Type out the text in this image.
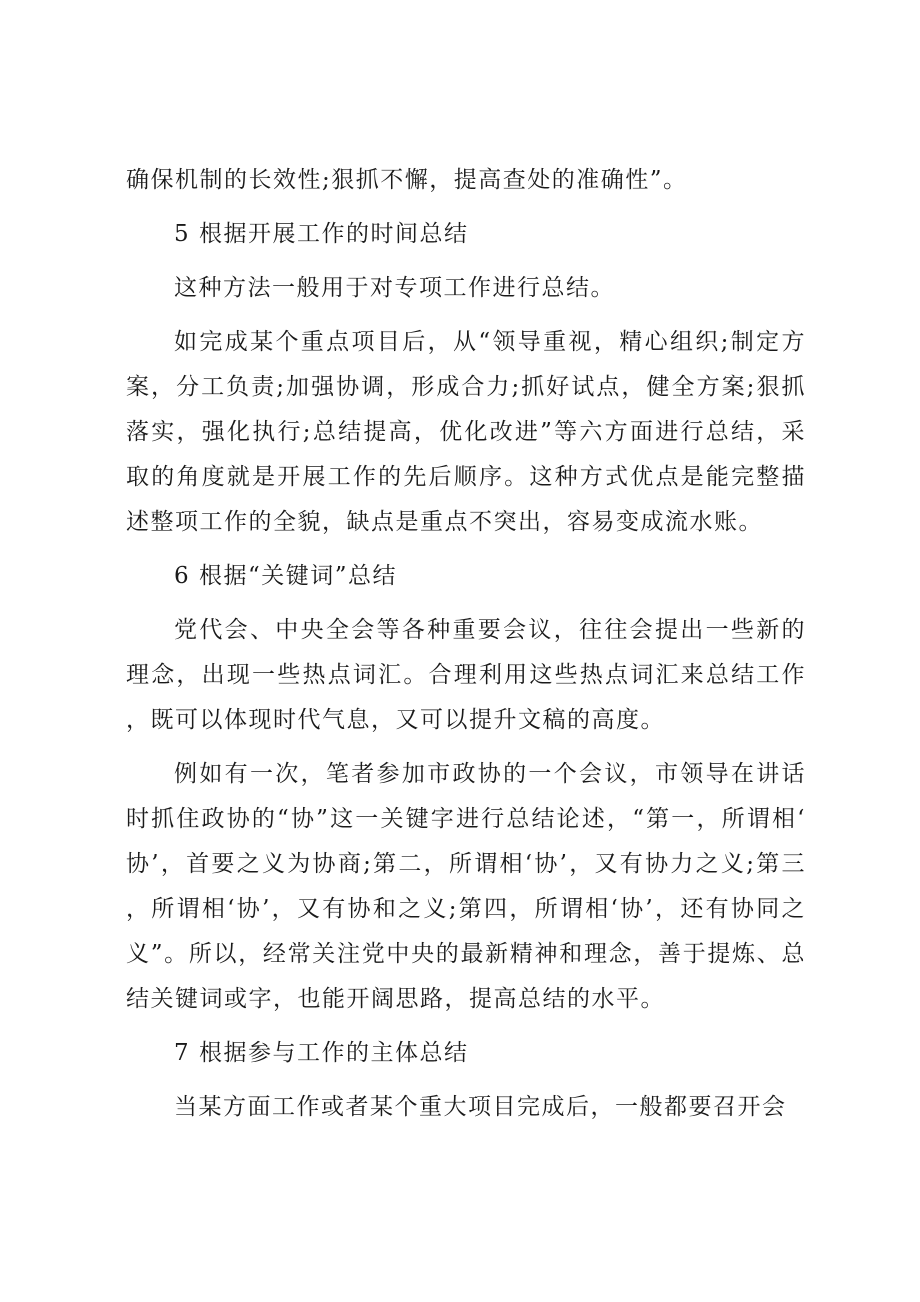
确保机制的长效性;狠抓不懈，提高查处的准确性”。

5 根据开展工作的时间总结

这种方法一般用于对专项工作进行总结。

如完成某个重点项目后，从“领导重视，精心组织;制定方案，分工负责;加强协调，形成合力;抓好试点，健全方案;狠抓落实，强化执行;总结提高，优化改进”等六方面进行总结，采取的角度就是开展工作的先后顺序。这种方式优点是能完整描述整项工作的全貌，缺点是重点不突出，容易变成流水账。

6 根据“关键词”总结

党代会、中央全会等各种重要会议，往往会提出一些新的理念，出现一些热点词汇。合理利用这些热点词汇来总结工作，既可以体现时代气息，又可以提升文稿的高度。

例如有一次，笔者参加市政协的一个会议，市领导在讲话时抓住政协的“协”这一关键字进行总结论述，“第一，所谓相‘协’，首要之义为协商;第二，所谓相‘协’，又有协力之义;第三，所谓相‘协’，又有协和之义;第四，所谓相‘协’，还有协同之义”。所以，经常关注党中央的最新精神和理念，善于提炼、总结关键词或字，也能开阔思路，提高总结的水平。

7 根据参与工作的主体总结

当某方面工作或者某个重大项目完成后，一般都要召开会
